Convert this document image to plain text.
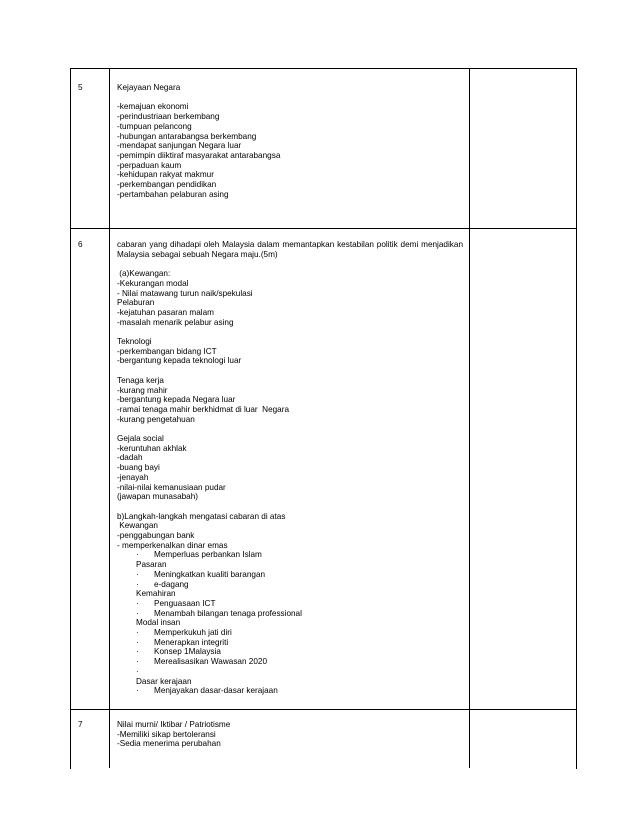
5	Kejayaan Negara

-kemajuan ekonomi

-perindustriaan berkembang

-tumpuan pelancong

-hubungan antarabangsa berkembang

-mendapat sanjungan Negara luar

-pemimpin diiktiraf masyarakat antarabangsa

-perpaduan kaum

-kehidupan rakyat makmur

-perkembangan pendidikan

-pertambahan pelaburan asing

6	cabaran yang dihadapi oleh Malaysia dalam memantapkan kestabilan politik demi menjadikan Malaysia sebagai sebuah Negara maju.(5m)

(a)Kewangan:

-Kekurangan modal

- Nilai matawang turun naik/spekulasi

Pelaburan

-kejatuhan pasaran malam

-masalah menarik pelabur asing

Teknologi

-perkembangan bidang ICT

-bergantung kepada teknologi luar

Tenaga kerja

-kurang mahir

-bergantung kepada Negara luar

-ramai tenaga mahir berkhidmat di luar  Negara

-kurang pengetahuan

Gejala social

-keruntuhan akhlak

-dadah

-buang bayi

-jenayah

-nilai-nilai kemanusiaan pudar

(jawapan munasabah)

b)Langkah-langkah mengatasi cabaran di atas

Kewangan

-penggabungan bank

- memperkenalkan dinar emas

·	Memperluas perbankan Islam

Pasaran

·	Meningkatkan kualiti barangan
·	e-dagang

Kemahiran

·	Penguasaan ICT
·	Menambah bilangan tenaga professional

Modal insan

·	Memperkukuh jati diri
·	Menerapkan integriti
·	Konsep 1Malaysia
·	Merealisasikan Wawasan 2020
·

Dasar kerajaan

·	Menjayakan dasar-dasar kerajaan
7	Nilai murni/ Iktibar / Patriotisme

-Memiliki sikap bertoleransi

-Sedia menerima perubahan
